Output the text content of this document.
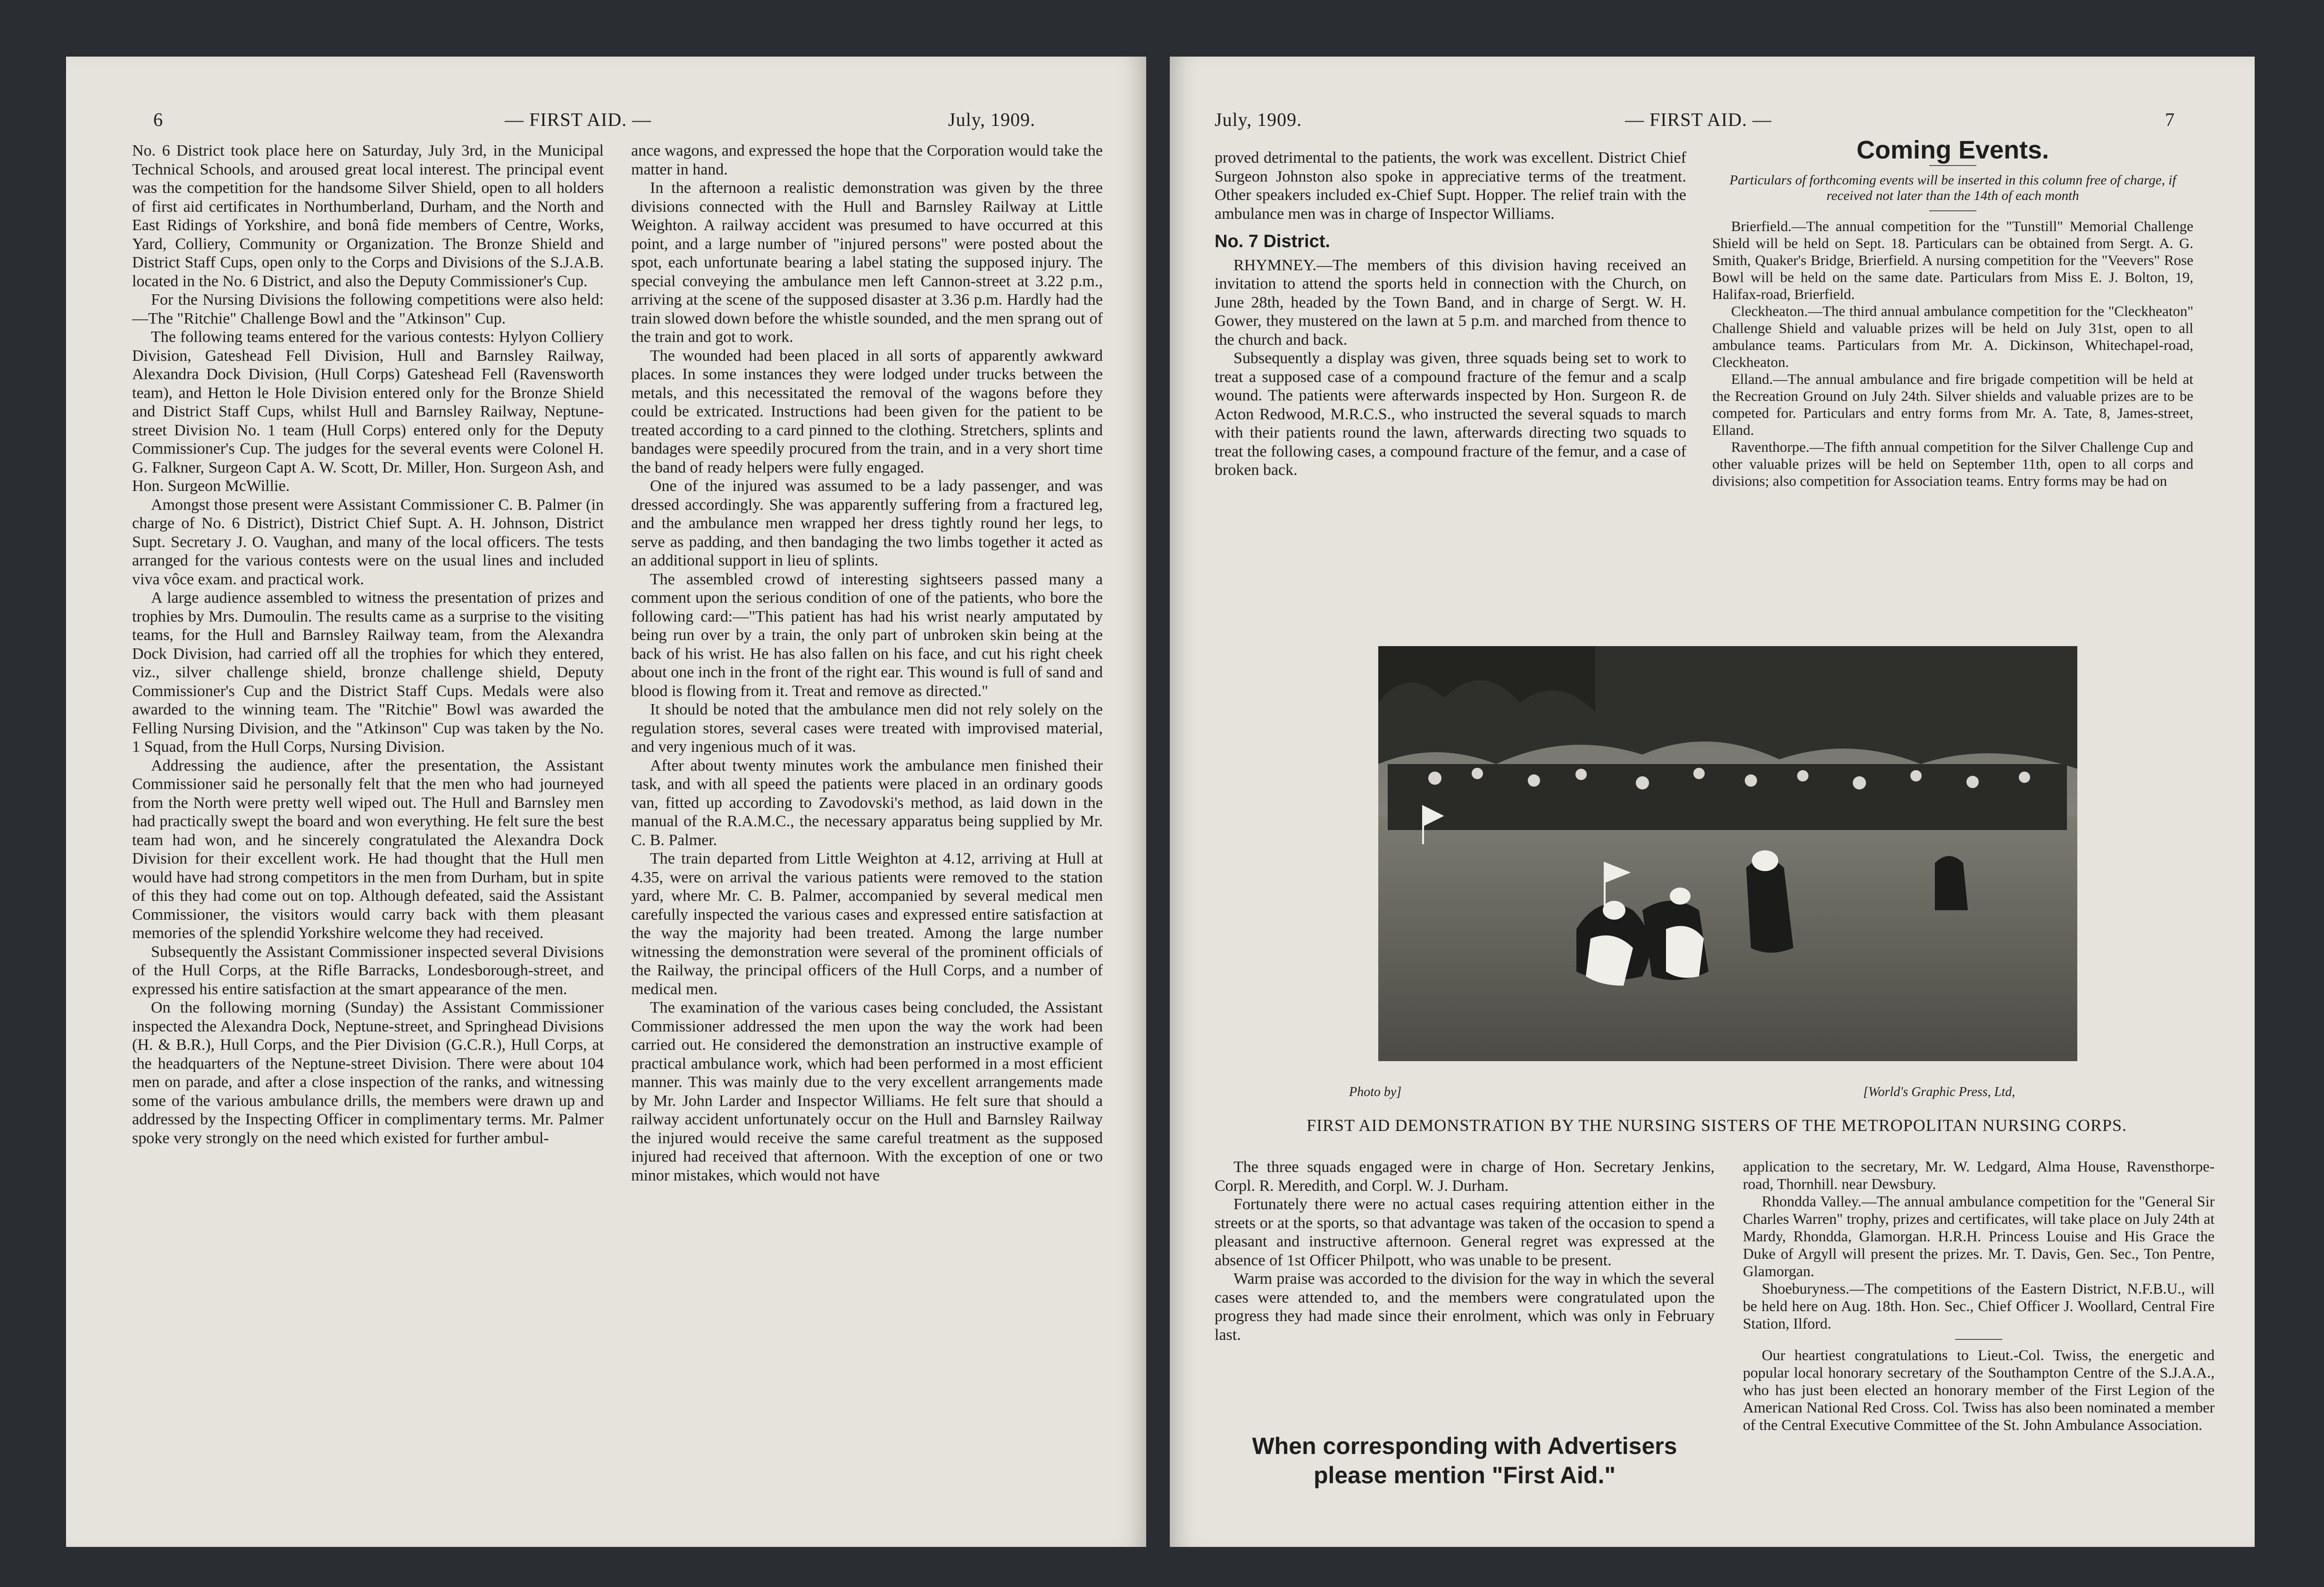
6	— FIRST AID. —	July, 1909.

No. 6 District took place here on Saturday, July 3rd, in the Municipal Technical Schools, and aroused great local interest. The principal event was the competition for the handsome Silver Shield, open to all holders of first aid certificates in Northumberland, Durham, and the North and East Ridings of Yorkshire, and bonâ fide members of Centre, Works, Yard, Colliery, Community or Organization. The Bronze Shield and District Staff Cups, open only to the Corps and Divisions of the S.J.A.B. located in the No. 6 District, and also the Deputy Commissioner's Cup.

For the Nursing Divisions the following competitions were also held:—The "Ritchie" Challenge Bowl and the "Atkinson" Cup.

The following teams entered for the various contests: Hylyon Colliery Division, Gateshead Fell Division, Hull and Barnsley Railway, Alexandra Dock Division, (Hull Corps) Gateshead Fell (Ravensworth team), and Hetton le Hole Division entered only for the Bronze Shield and District Staff Cups, whilst Hull and Barnsley Railway, Neptune-street Division No. 1 team (Hull Corps) entered only for the Deputy Commissioner's Cup. The judges for the several events were Colonel H. G. Falkner, Surgeon Capt A. W. Scott, Dr. Miller, Hon. Surgeon Ash, and Hon. Surgeon McWillie.

Amongst those present were Assistant Commissioner C. B. Palmer (in charge of No. 6 District), District Chief Supt. A. H. Johnson, District Supt. Secretary J. O. Vaughan, and many of the local officers. The tests arranged for the various contests were on the usual lines and included viva vôce exam. and practical work.

A large audience assembled to witness the presentation of prizes and trophies by Mrs. Dumoulin. The results came as a surprise to the visiting teams, for the Hull and Barnsley Railway team, from the Alexandra Dock Division, had carried off all the trophies for which they entered, viz., silver challenge shield, bronze challenge shield, Deputy Commissioner's Cup and the District Staff Cups. Medals were also awarded to the winning team. The "Ritchie" Bowl was awarded the Felling Nursing Division, and the "Atkinson" Cup was taken by the No. 1 Squad, from the Hull Corps, Nursing Division.

Addressing the audience, after the presentation, the Assistant Commissioner said he personally felt that the men who had journeyed from the North were pretty well wiped out. The Hull and Barnsley men had practically swept the board and won everything. He felt sure the best team had won, and he sincerely congratulated the Alexandra Dock Division for their excellent work. He had thought that the Hull men would have had strong competitors in the men from Durham, but in spite of this they had come out on top. Although defeated, said the Assistant Commissioner, the visitors would carry back with them pleasant memories of the splendid Yorkshire welcome they had received.

Subsequently the Assistant Commissioner inspected several Divisions of the Hull Corps, at the Rifle Barracks, Londesborough-street, and expressed his entire satisfaction at the smart appearance of the men.

On the following morning (Sunday) the Assistant Commissioner inspected the Alexandra Dock, Neptune-street, and Springhead Divisions (H. & B.R.), Hull Corps, and the Pier Division (G.C.R.), Hull Corps, at the headquarters of the Neptune-street Division. There were about 104 men on parade, and after a close inspection of the ranks, and witnessing some of the various ambulance drills, the members were drawn up and addressed by the Inspecting Officer in complimentary terms. Mr. Palmer spoke very strongly on the need which existed for further ambul-

ance wagons, and expressed the hope that the Corporation would take the matter in hand.

In the afternoon a realistic demonstration was given by the three divisions connected with the Hull and Barnsley Railway at Little Weighton. A railway accident was presumed to have occurred at this point, and a large number of "injured persons" were posted about the spot, each unfortunate bearing a label stating the supposed injury. The special conveying the ambulance men left Cannon-street at 3.22 p.m., arriving at the scene of the supposed disaster at 3.36 p.m. Hardly had the train slowed down before the whistle sounded, and the men sprang out of the train and got to work.

The wounded had been placed in all sorts of apparently awkward places. In some instances they were lodged under trucks between the metals, and this necessitated the removal of the wagons before they could be extricated. Instructions had been given for the patient to be treated according to a card pinned to the clothing. Stretchers, splints and bandages were speedily procured from the train, and in a very short time the band of ready helpers were fully engaged.

One of the injured was assumed to be a lady passenger, and was dressed accordingly. She was apparently suffering from a fractured leg, and the ambulance men wrapped her dress tightly round her legs, to serve as padding, and then bandaging the two limbs together it acted as an additional support in lieu of splints.

The assembled crowd of interesting sightseers passed many a comment upon the serious condition of one of the patients, who bore the following card:—"This patient has had his wrist nearly amputated by being run over by a train, the only part of unbroken skin being at the back of his wrist. He has also fallen on his face, and cut his right cheek about one inch in the front of the right ear. This wound is full of sand and blood is flowing from it. Treat and remove as directed."

It should be noted that the ambulance men did not rely solely on the regulation stores, several cases were treated with improvised material, and very ingenious much of it was.

After about twenty minutes work the ambulance men finished their task, and with all speed the patients were placed in an ordinary goods van, fitted up according to Zavodovski's method, as laid down in the manual of the R.A.M.C., the necessary apparatus being supplied by Mr. C. B. Palmer.

The train departed from Little Weighton at 4.12, arriving at Hull at 4.35, were on arrival the various patients were removed to the station yard, where Mr. C. B. Palmer, accompanied by several medical men carefully inspected the various cases and expressed entire satisfaction at the way the majority had been treated. Among the large number witnessing the demonstration were several of the prominent officials of the Railway, the principal officers of the Hull Corps, and a number of medical men.

The examination of the various cases being concluded, the Assistant Commissioner addressed the men upon the way the work had been carried out. He considered the demonstration an instructive example of practical ambulance work, which had been performed in a most efficient manner. This was mainly due to the very excellent arrangements made by Mr. John Larder and Inspector Williams. He felt sure that should a railway accident unfortunately occur on the Hull and Barnsley Railway the injured would receive the same careful treatment as the supposed injured had received that afternoon. With the exception of one or two minor mistakes, which would not have

July, 1909.	— FIRST AID. —	7

proved detrimental to the patients, the work was excellent. District Chief Surgeon Johnston also spoke in appreciative terms of the treatment. Other speakers included ex-Chief Supt. Hopper. The relief train with the ambulance men was in charge of Inspector Williams.

No. 7 District.

RHYMNEY.—The members of this division having received an invitation to attend the sports held in connection with the Church, on June 28th, headed by the Town Band, and in charge of Sergt. W. H. Gower, they mustered on the lawn at 5 p.m. and marched from thence to the church and back.

Subsequently a display was given, three squads being set to work to treat a supposed case of a compound fracture of the femur and a scalp wound. The patients were afterwards inspected by Hon. Surgeon R. de Acton Redwood, M.R.C.S., who instructed the several squads to march with their patients round the lawn, afterwards directing two squads to treat the following cases, a compound fracture of the femur, and a case of broken back.

Coming Events.
Particulars of forthcoming events will be inserted in this column free of charge, if received not later than the 14th of each month

Brierfield.—The annual competition for the "Tunstill" Memorial Challenge Shield will be held on Sept. 18. Particulars can be obtained from Sergt. A. G. Smith, Quaker's Bridge, Brierfield. A nursing competition for the "Veevers" Rose Bowl will be held on the same date. Particulars from Miss E. J. Bolton, 19, Halifax-road, Brierfield.

Cleckheaton.—The third annual ambulance competition for the "Cleckheaton" Challenge Shield and valuable prizes will be held on July 31st, open to all ambulance teams. Particulars from Mr. A. Dickinson, Whitechapel-road, Cleckheaton.

Elland.—The annual ambulance and fire brigade competition will be held at the Recreation Ground on July 24th. Silver shields and valuable prizes are to be competed for. Particulars and entry forms from Mr. A. Tate, 8, James-street, Elland.

Raventhorpe.—The fifth annual competition for the Silver Challenge Cup and other valuable prizes will be held on September 11th, open to all corps and divisions; also competition for Association teams. Entry forms may be had on

Photo by]	[World's Graphic Press, Ltd,
FIRST AID DEMONSTRATION BY THE NURSING SISTERS OF THE METROPOLITAN NURSING CORPS.

The three squads engaged were in charge of Hon. Secretary Jenkins, Corpl. R. Meredith, and Corpl. W. J. Durham.

Fortunately there were no actual cases requiring attention either in the streets or at the sports, so that advantage was taken of the occasion to spend a pleasant and instructive afternoon. General regret was expressed at the absence of 1st Officer Philpott, who was unable to be present.

Warm praise was accorded to the division for the way in which the several cases were attended to, and the members were congratulated upon the progress they had made since their enrolment, which was only in February last.

When corresponding with Advertisers please mention "First Aid."

application to the secretary, Mr. W. Ledgard, Alma House, Ravensthorpe-road, Thornhill. near Dewsbury.

Rhondda Valley.—The annual ambulance competition for the "General Sir Charles Warren" trophy, prizes and certificates, will take place on July 24th at Mardy, Rhondda, Glamorgan. H.R.H. Princess Louise and His Grace the Duke of Argyll will present the prizes. Mr. T. Davis, Gen. Sec., Ton Pentre, Glamorgan.

Shoeburyness.—The competitions of the Eastern District, N.F.B.U., will be held here on Aug. 18th. Hon. Sec., Chief Officer J. Woollard, Central Fire Station, Ilford.

Our heartiest congratulations to Lieut.-Col. Twiss, the energetic and popular local honorary secretary of the Southampton Centre of the S.J.A.A., who has just been elected an honorary member of the First Legion of the American National Red Cross. Col. Twiss has also been nominated a member of the Central Executive Committee of the St. John Ambulance Association.
